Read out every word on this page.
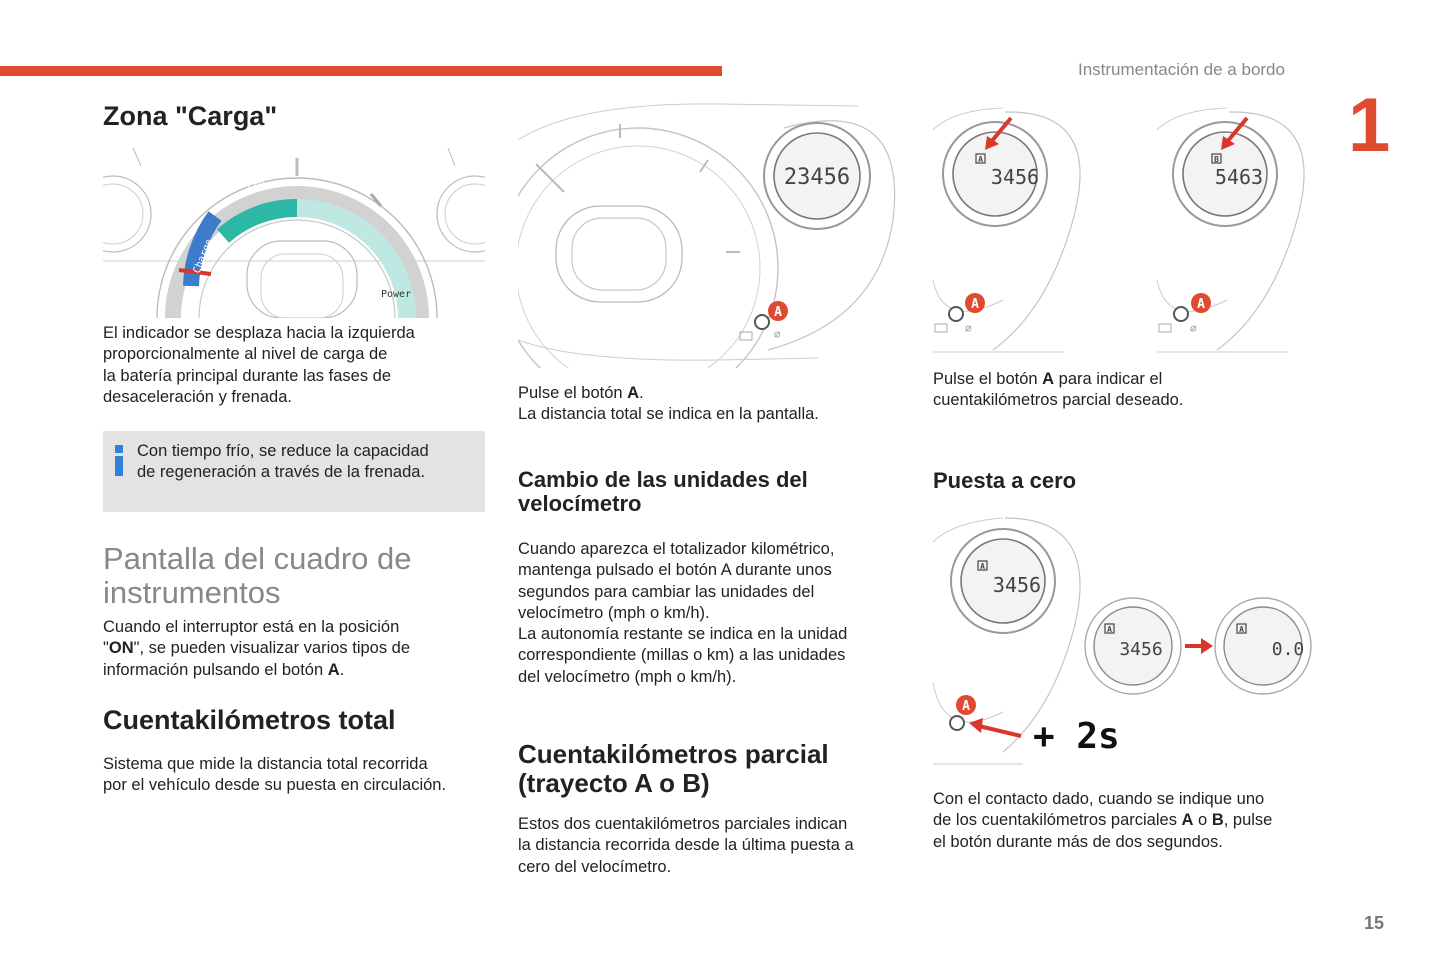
Instrumentación de a bordo
1
15
Zona "Carga"
Eco
Charge
Power

El indicador se desplaza hacia la izquierda

proporcionalmente al nivel de carga de

la batería principal durante las fases de

desaceleración y frenada.

Con tiempo frío, se reduce la capacidad

de regeneración a través de la frenada.

Pantalla del cuadro de

instrumentos

Cuando el interruptor está en la posición

"ON", se pueden visualizar varios tipos de

información pulsando el botón A.

Cuentakilómetros total

Sistema que mide la distancia total recorrida

por el vehículo desde su puesta en circulación.

23456
⌀
A

Pulse el botón A.

La distancia total se indica en la pantalla.

Cambio de las unidades del
velocímetro

Cuando aparezca el totalizador kilométrico,

mantenga pulsado el botón A durante unos

segundos para cambiar las unidades del

velocímetro (mph o km/h).

La autonomía restante se indica en la unidad

correspondiente (millas o km) a las unidades

del velocímetro (mph o km/h).

Cuentakilómetros parcial
(trayecto A o B)

Estos dos cuentakilómetros parciales indican

la distancia recorrida desde la última puesta a

cero del velocímetro.

A
3456
⌀
A
B
5463
⌀
A

Pulse el botón A para indicar el

cuentakilómetros parcial deseado.

Puesta a cero
A
3456
A
3456
A
0.0
A
+ 2s

Con el contacto dado, cuando se indique uno

de los cuentakilómetros parciales A o B, pulse

el botón durante más de dos segundos.
